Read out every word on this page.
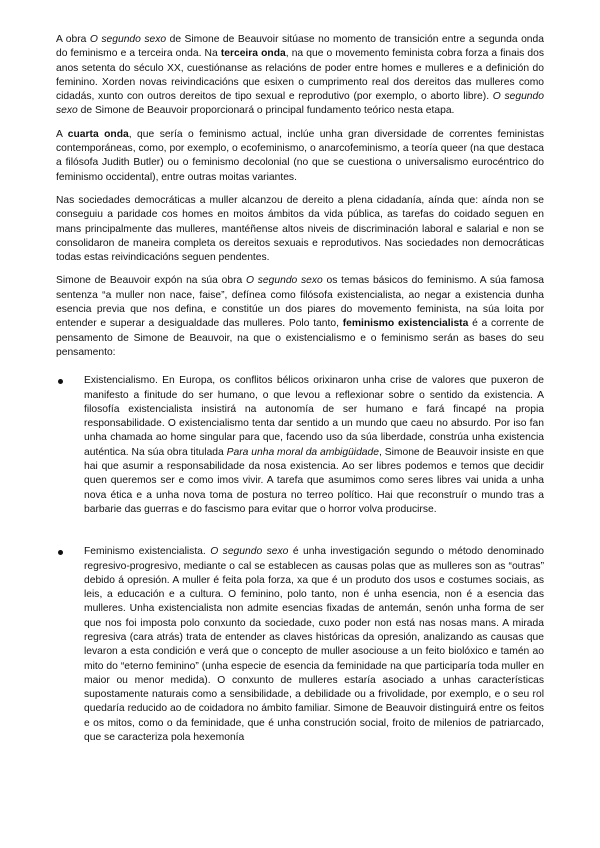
A obra O segundo sexo de Simone de Beauvoir sitúase no momento de transición entre a segunda onda do feminismo e a terceira onda. Na terceira onda, na que o movemento feminista cobra forza a finais dos anos setenta do século XX, cuestiónanse as relacións de poder entre homes e mulleres e a definición do feminino. Xorden novas reivindicacións que esixen o cumprimento real dos dereitos das mulleres como cidadás, xunto con outros dereitos de tipo sexual e reprodutivo (por exemplo, o aborto libre). O segundo sexo de Simone de Beauvoir proporcionará o principal fundamento teórico nesta etapa.

A cuarta onda, que sería o feminismo actual, inclúe unha gran diversidade de correntes feministas contemporáneas, como, por exemplo, o ecofeminismo, o anarcofeminismo, a teoría queer (na que destaca a filósofa Judith Butler) ou o feminismo decolonial (no que se cuestiona o universalismo eurocéntrico do feminismo occidental), entre outras moitas variantes.

Nas sociedades democráticas a muller alcanzou de dereito a plena cidadanía, aínda que: aínda non se conseguiu a paridade cos homes en moitos ámbitos da vida pública, as tarefas do coidado seguen en mans principalmente das mulleres, mantéñense altos niveis de discriminación laboral e salarial e non se consolidaron de maneira completa os dereitos sexuais e reprodutivos. Nas sociedades non democráticas todas estas reivindicacións seguen pendentes.

Simone de Beauvoir expón na súa obra O segundo sexo os temas básicos do feminismo. A súa famosa sentenza “a muller non nace, faise”, defínea como filósofa existencialista, ao negar a existencia dunha esencia previa que nos defina, e constitúe un dos piares do movemento feminista, na súa loita por entender e superar a desigualdade das mulleres. Polo tanto, feminismo existencialista é a corrente de pensamento de Simone de Beauvoir, na que o existencialismo e o feminismo serán as bases do seu pensamento:

Existencialismo. En Europa, os conflitos bélicos orixinaron unha crise de valores que puxeron de manifesto a finitude do ser humano, o que levou a reflexionar sobre o sentido da existencia. A filosofía existencialista insistirá na autonomía de ser humano e fará fincapé na propia responsabilidade. O existencialismo tenta dar sentido a un mundo que caeu no absurdo. Por iso fan unha chamada ao home singular para que, facendo uso da súa liberdade, constrúa unha existencia auténtica. Na súa obra titulada Para unha moral da ambigüidade, Simone de Beauvoir insiste en que hai que asumir a responsabilidade da nosa existencia. Ao ser libres podemos e temos que decidir quen queremos ser e como imos vivir. A tarefa que asumimos como seres libres vai unida a unha nova ética e a unha nova toma de postura no terreo político. Hai que reconstruír o mundo tras a barbarie das guerras e do fascismo para evitar que o horror volva producirse.
Feminismo existencialista. O segundo sexo é unha investigación segundo o método denominado regresivo-progresivo, mediante o cal se establecen as causas polas que as mulleres son as “outras” debido á opresión. A muller é feita pola forza, xa que é un produto dos usos e costumes sociais, as leis, a educación e a cultura. O feminino, polo tanto, non é unha esencia, non é a esencia das mulleres. Unha existencialista non admite esencias fixadas de antemán, senón unha forma de ser que nos foi imposta polo conxunto da sociedade, cuxo poder non está nas nosas mans. A mirada regresiva (cara atrás) trata de entender as claves históricas da opresión, analizando as causas que levaron a esta condición e verá que o concepto de muller asociouse a un feito biolóxico e tamén ao mito do “eterno feminino” (unha especie de esencia da feminidade na que participaría toda muller en maior ou menor medida). O conxunto de mulleres estaría asociado a unhas características supostamente naturais como a sensibilidade, a debilidade ou a frivolidade, por exemplo, e o seu rol quedaría reducido ao de coidadora no ámbito familiar. Simone de Beauvoir distinguirá entre os feitos e os mitos, como o da feminidade, que é unha construción social, froito de milenios de patriarcado, que se caracteriza pola hexemonía
